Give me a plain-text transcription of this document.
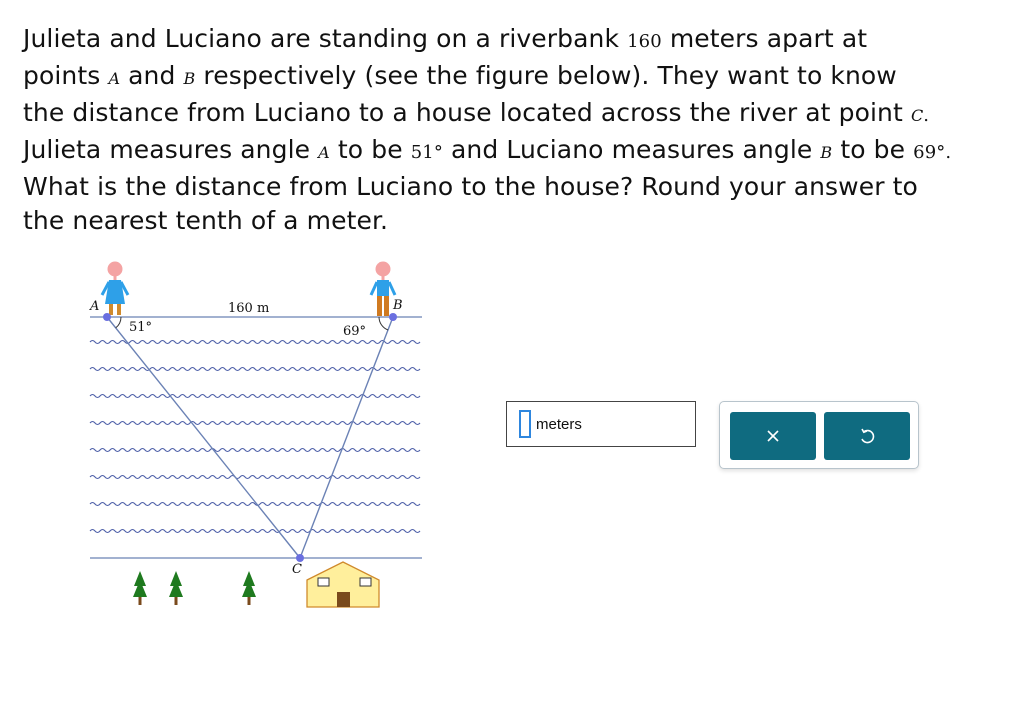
Julieta and Luciano are standing on a riverbank 160 meters apart at
points A and B respectively (see the figure below). They want to know
the distance from Luciano to a house located across the river at point C.
Julieta measures angle A to be 51° and Luciano measures angle B to be 69°.
What is the distance from Luciano to the house? Round your answer to
the nearest tenth of a meter.
A	B
C
160 m
51°	69°
meters
